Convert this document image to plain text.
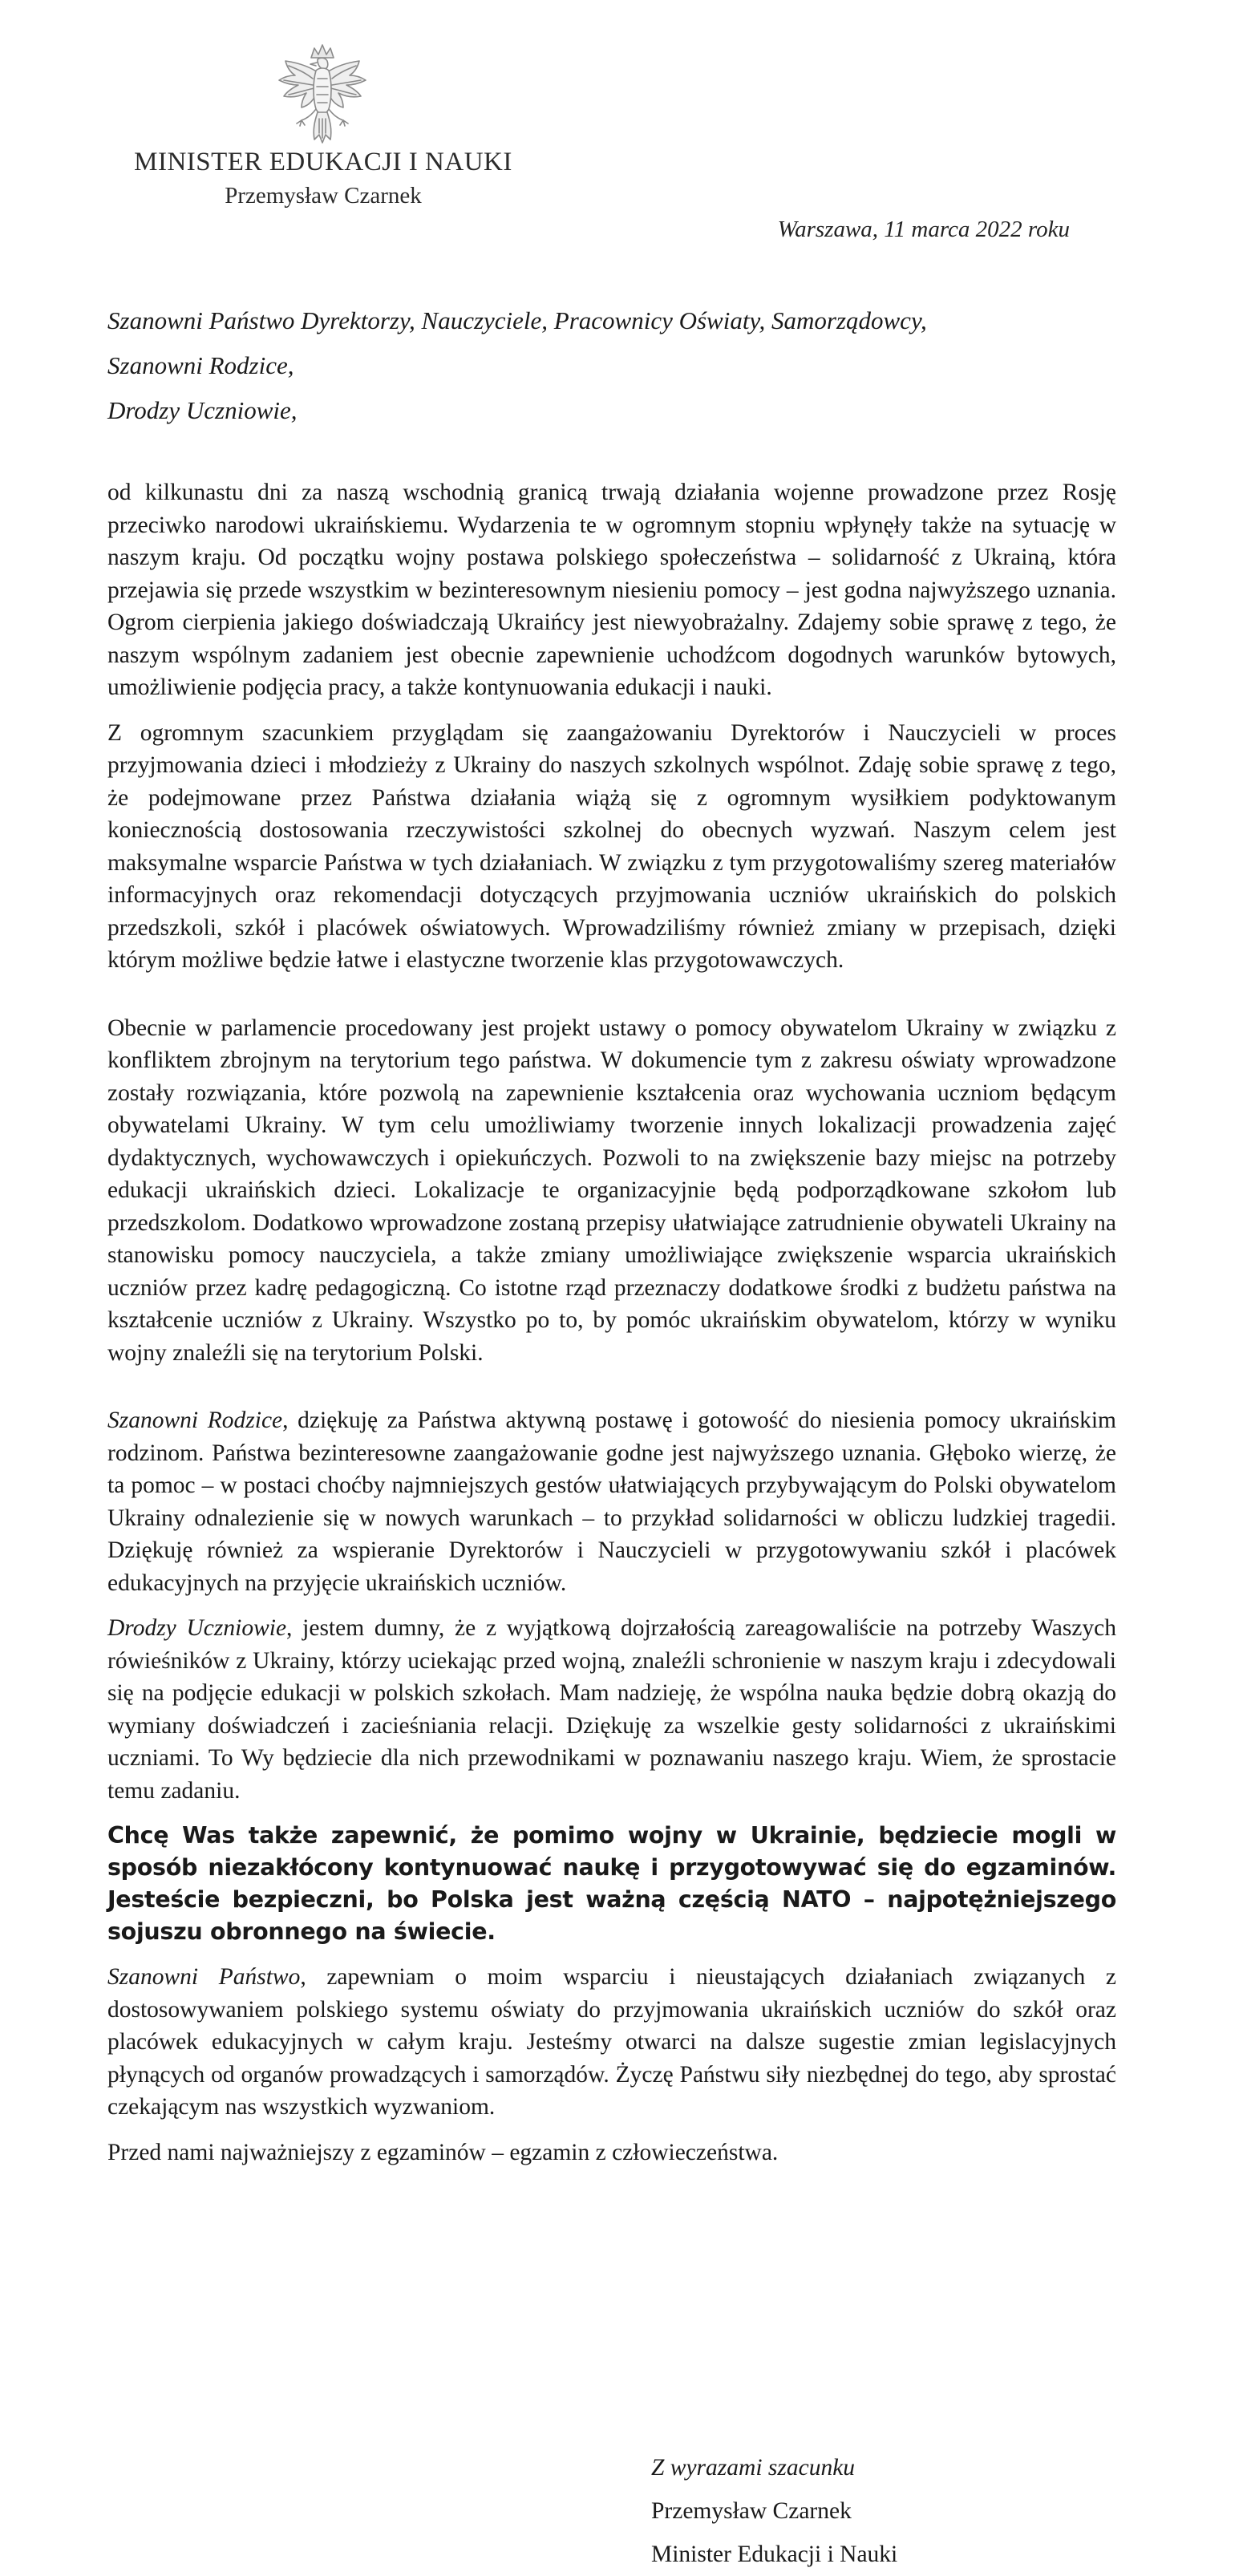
MINISTER EDUKACJI I NAUKI
Przemysław Czarnek
Warszawa, 11 marca 2022 roku
Szanowni Państwo Dyrektorzy, Nauczyciele, Pracownicy Oświaty, Samorządowcy,
Szanowni Rodzice,
Drodzy Uczniowie,

od kilkunastu dni za naszą wschodnią granicą trwają działania wojenne prowadzone przez Rosję przeciwko narodowi ukraińskiemu. Wydarzenia te w ogromnym stopniu wpłynęły także na sytuację w naszym kraju. Od początku wojny postawa polskiego społeczeństwa – solidarność z Ukrainą, która przejawia się przede wszystkim w bezinteresownym niesieniu pomocy – jest godna najwyższego uznania. Ogrom cierpienia jakiego doświadczają Ukraińcy jest niewyobrażalny. Zdajemy sobie sprawę z tego, że naszym wspólnym zadaniem jest obecnie zapewnienie uchodźcom dogodnych warunków bytowych, umożliwienie podjęcia pracy, a także kontynuowania edukacji i nauki.

Z ogromnym szacunkiem przyglądam się zaangażowaniu Dyrektorów i Nauczycieli w proces przyjmowania dzieci i młodzieży z Ukrainy do naszych szkolnych wspólnot. Zdaję sobie sprawę z tego, że podejmowane przez Państwa działania wiążą się z ogromnym wysiłkiem podyktowanym koniecznością dostosowania rzeczywistości szkolnej do obecnych wyzwań. Naszym celem jest maksymalne wsparcie Państwa w tych działaniach. W związku z tym przygotowaliśmy szereg materiałów informacyjnych oraz rekomendacji dotyczących przyjmowania uczniów ukraińskich do polskich przedszkoli, szkół i placówek oświatowych. Wprowadziliśmy również zmiany w przepisach, dzięki którym możliwe będzie łatwe i elastyczne tworzenie klas przygotowawczych.

Obecnie w parlamencie procedowany jest projekt ustawy o pomocy obywatelom Ukrainy w związku z konfliktem zbrojnym na terytorium tego państwa. W dokumencie tym z zakresu oświaty wprowadzone zostały rozwiązania, które pozwolą na zapewnienie kształcenia oraz wychowania uczniom będącym obywatelami Ukrainy. W tym celu umożliwiamy tworzenie innych lokalizacji prowadzenia zajęć dydaktycznych, wychowawczych i opiekuńczych. Pozwoli to na zwiększenie bazy miejsc na potrzeby edukacji ukraińskich dzieci. Lokalizacje te organizacyjnie będą podporządkowane szkołom lub przedszkolom. Dodatkowo wprowadzone zostaną przepisy ułatwiające zatrudnienie obywateli Ukrainy na stanowisku pomocy nauczyciela, a także zmiany umożliwiające zwiększenie wsparcia ukraińskich uczniów przez kadrę pedagogiczną. Co istotne rząd przeznaczy dodatkowe środki z budżetu państwa na kształcenie uczniów z Ukrainy. Wszystko po to, by pomóc ukraińskim obywatelom, którzy w wyniku wojny znaleźli się na terytorium Polski.

Szanowni Rodzice, dziękuję za Państwa aktywną postawę i gotowość do niesienia pomocy ukraińskim rodzinom. Państwa bezinteresowne zaangażowanie godne jest najwyższego uznania. Głęboko wierzę, że ta pomoc – w postaci choćby najmniejszych gestów ułatwiających przybywającym do Polski obywatelom Ukrainy odnalezienie się w nowych warunkach – to przykład solidarności w obliczu ludzkiej tragedii. Dziękuję również za wspieranie Dyrektorów i Nauczycieli w przygotowywaniu szkół i placówek edukacyjnych na przyjęcie ukraińskich uczniów.

Drodzy Uczniowie, jestem dumny, że z wyjątkową dojrzałością zareagowaliście na potrzeby Waszych rówieśników z Ukrainy, którzy uciekając przed wojną, znaleźli schronienie w naszym kraju i zdecydowali się na podjęcie edukacji w polskich szkołach. Mam nadzieję, że wspólna nauka będzie dobrą okazją do wymiany doświadczeń i zacieśniania relacji. Dziękuję za wszelkie gesty solidarności z ukraińskimi uczniami. To Wy będziecie dla nich przewodnikami w poznawaniu naszego kraju. Wiem, że sprostacie temu zadaniu.

Chcę Was także zapewnić, że pomimo wojny w Ukrainie, będziecie mogli w sposób niezakłócony kontynuować naukę i przygotowywać się do egzaminów. Jesteście bezpieczni, bo Polska jest ważną częścią NATO – najpotężniejszego sojuszu obronnego na świecie.

Szanowni Państwo, zapewniam o moim wsparciu i nieustających działaniach związanych z dostosowywaniem polskiego systemu oświaty do przyjmowania ukraińskich uczniów do szkół oraz placówek edukacyjnych w całym kraju. Jesteśmy otwarci na dalsze sugestie zmian legislacyjnych płynących od organów prowadzących i samorządów. Życzę Państwu siły niezbędnej do tego, aby sprostać czekającym nas wszystkich wyzwaniom.

Przed nami najważniejszy z egzaminów – egzamin z człowieczeństwa.

Z wyrazami szacunku
Przemysław Czarnek
Minister Edukacji i Nauki
